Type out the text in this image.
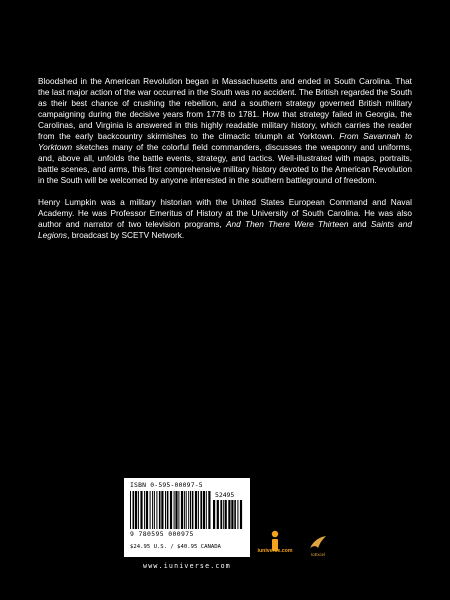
Bloodshed in the American Revolution began in Massachusetts and ended in South Carolina. That the last major action of the war occurred in the South was no accident. The British regarded the South as their best chance of crushing the rebellion, and a southern strategy governed British military campaigning during the decisive years from 1778 to 1781. How that strategy failed in Georgia, the Carolinas, and Virginia is answered in this highly readable military history, which carries the reader from the early backcountry skirmishes to the climactic triumph at Yorktown. From Savannah to Yorktown sketches many of the colorful field commanders, discusses the weaponry and uniforms, and, above all, unfolds the battle events, strategy, and tactics. Well-illustrated with maps, portraits, battle scenes, and arms, this first comprehensive military history devoted to the American Revolution in the South will be welcomed by anyone interested in the southern battleground of freedom.

Henry Lumpkin was a military historian with the United States European Command and Naval Academy. He was Professor Emeritus of History at the University of South Carolina. He was also author and narrator of two television programs, And Then There Were Thirteen and Saints and Legions, broadcast by SCETV Network.

ISBN 0-595-00097-5
52495
9 780595 000975
$24.95 U.S. / $40.95 CANADA
www.iuniverse.com
iuniverse.com
toExcel
